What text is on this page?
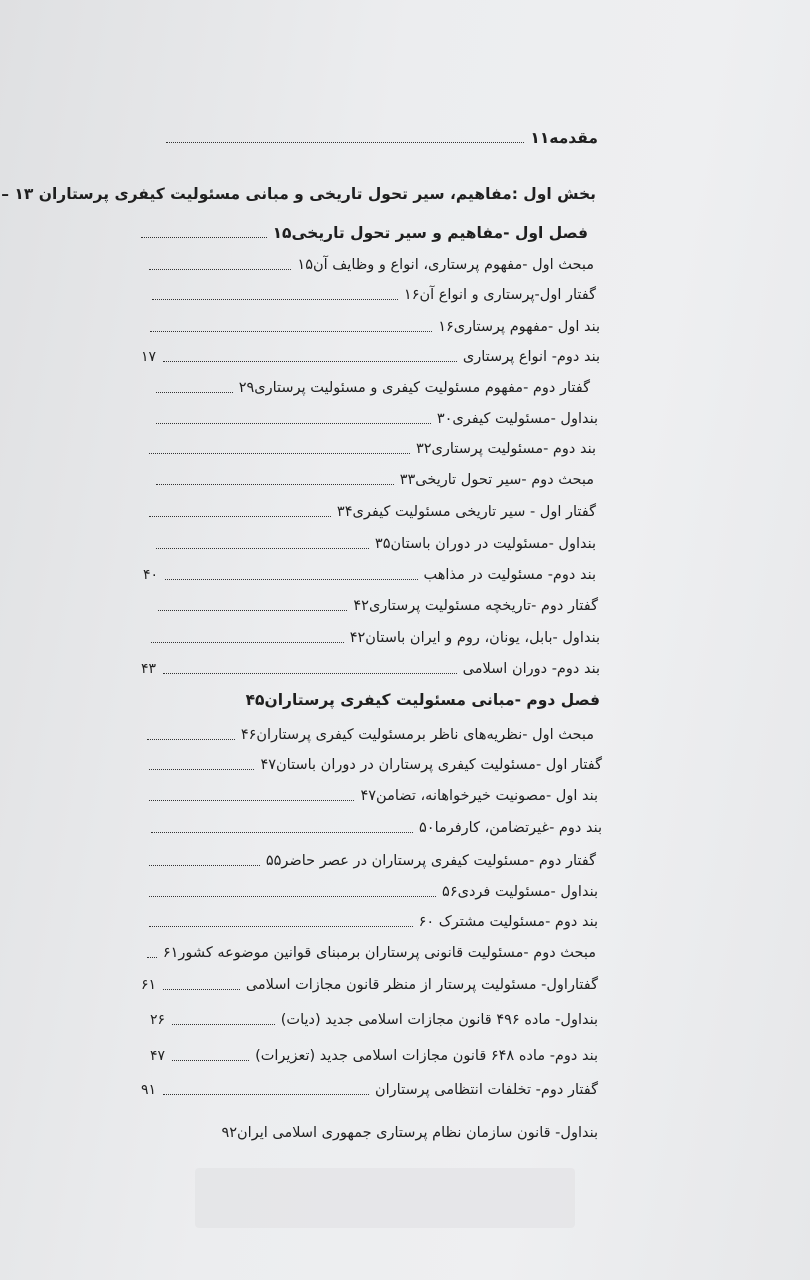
مقدمه۱۱
بخش اول :مفاهیم، سیر تحول تاریخی و مبانی مسئولیت کیفری پرستاران ۱۳ –
فصل اول -مفاهیم و سیر تحول تاریخی۱۵
مبحث اول -مفهوم پرستاری، انواع و وظایف آن۱۵
گفتار اول-پرستاری و انواع آن۱۶
بند اول -مفهوم پرستاری۱۶
بند دوم- انواع پرستاری
۱۷
گفتار دوم -مفهوم مسئولیت کیفری و مسئولیت پرستاری۲۹
بنداول -مسئولیت کیفری۳۰
بند دوم -مسئولیت پرستاری۳۲
مبحث دوم -سیر تحول تاریخی۳۳
گفتار اول - سیر تاریخی مسئولیت کیفری۳۴
بنداول -مسئولیت در دوران باستان۳۵
بند دوم- مسئولیت در مذاهب
۴۰
گفتار دوم -تاریخچه مسئولیت پرستاری۴۲
بنداول -بابل، یونان، روم و ایران باستان۴۲
بند دوم- دوران اسلامی
۴۳
فصل دوم -مبانی مسئولیت کیفری پرستاران۴۵
مبحث اول -نظریه‌های ناظر برمسئولیت کیفری پرستاران۴۶
گفتار اول -مسئولیت کیفری پرستاران در دوران باستان۴۷
بند اول -مصونیت خیرخواهانه، تضامن۴۷
بند دوم -غیرتضامن، کارفرما۵۰
گفتار دوم -مسئولیت کیفری پرستاران در عصر حاضر۵۵
بنداول -مسئولیت فردی۵۶
بند دوم -مسئولیت مشترک ۶۰
مبحث دوم -مسئولیت قانونی پرستاران برمبنای قوانین موضوعه کشور۶۱
گفتاراول- مسئولیت پرستار از منظر قانون مجازات اسلامی
۶۱
بنداول- ماده ۴۹۶ قانون مجازات اسلامی جدید (دیات)
۲۶
بند دوم- ماده ۶۴۸ قانون مجازات اسلامی جدید (تعزیرات)
۴۷
گفتار دوم- تخلفات انتظامی پرستاران
۹۱
بنداول- قانون سازمان نظام پرستاری جمهوری اسلامی ایران۹۲
